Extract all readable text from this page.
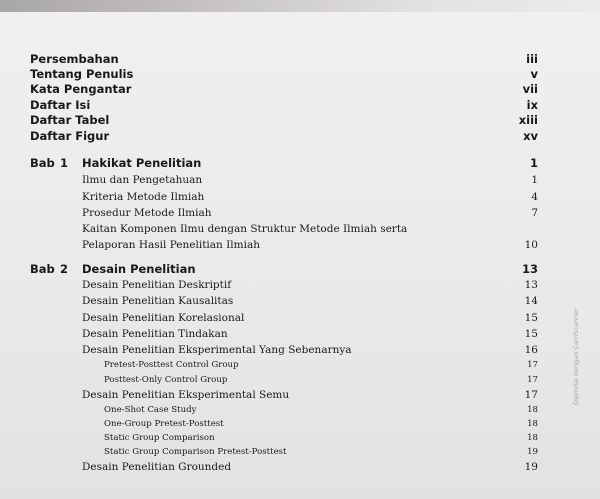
Persembahan	iii
Tentang Penulis	v
Kata Pengantar	vii
Daftar Isi	ix
Daftar Tabel	xiii
Daftar Figur	xv
Bab 1 Hakikat Penelitian	1
Ilmu dan Pengetahuan	1
Kriteria Metode Ilmiah	4
Prosedur Metode Ilmiah	7
Kaitan Komponen Ilmu dengan Struktur Metode Ilmiah serta
Pelaporan Hasil Penelitian Ilmiah	10
Bab 2 Desain Penelitian	13
Desain Penelitian Deskriptif	13
Desain Penelitian Kausalitas	14
Desain Penelitian Korelasional	15
Desain Penelitian Tindakan	15
Desain Penelitian Eksperimental Yang Sebenarnya	16
Pretest-Posttest Control Group	17
Posttest-Only Control Group	17
Desain Penelitian Eksperimental Semu	17
One-Shot Case Study	18
One-Group Pretest-Posttest	18
Static Group Comparison	18
Static Group Comparison Pretest-Posttest	19
Desain Penelitian Grounded	19
Dipindai dengan CamScanner
